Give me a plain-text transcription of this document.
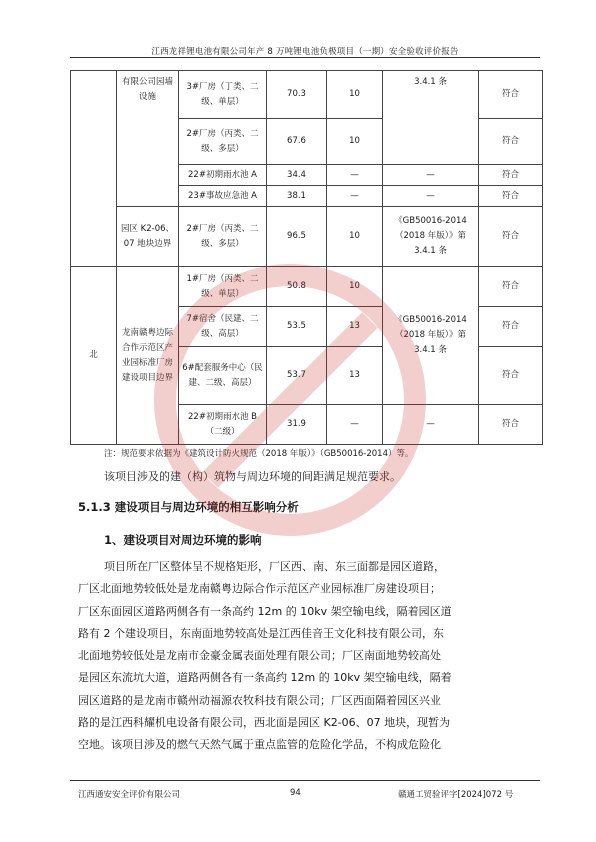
江西龙祥锂电池有限公司年产 8 万吨锂电池负极项目（一期）安全验收评价报告
	有限公司园墙设施	3#厂房（丁类、二级、单层）	70.3	10	3.4.1 条	符合
		2#厂房（丙类、二级、多层）	67.6	10		符合
		22#初期雨水池 A	34.4	—	—	符合
		23#事故应急池 A	38.1	—	—	符合
	园区 K2-06、07 地块边界	2#厂房（丙类、二级、多层）	96.5	10	《GB50016-2014（2018 年版）》第 3.4.1 条	符合
北	龙南赣粤边际合作示范区产业园标准厂房建设项目边界	1#厂房（丙类、二级、单层）	50.8	10	《GB50016-2014（2018 年版）》第 3.4.1 条	符合
		7#宿舍（民建、二级、高层）	53.5	13		符合
		6#配套服务中心（民建、二级、高层）	53.7	13		符合
		22#初期雨水池 B（二级）	31.9	—	—	符合
注：规范要求依据为《建筑设计防火规范（2018 年版）》（GB50016-2014）等。
该项目涉及的建（构）筑物与周边环境的间距满足规范要求。
5.1.3 建设项目与周边环境的相互影响分析
1、建设项目对周边环境的影响
项目所在厂区整体呈不规格矩形，厂区西、南、东三面都是园区道路，
厂区北面地势较低处是龙南赣粤边际合作示范区产业园标准厂房建设项目；
厂区东面园区道路两侧各有一条高约 12m 的 10kv 架空输电线，隔着园区道
路有 2 个建设项目，东南面地势较高处是江西佳音王文化科技有限公司，东
北面地势较低处是龙南市金豪金属表面处理有限公司；厂区南面地势较高处
是园区东流坑大道，道路两侧各有一条高约 12m 的 10kv 架空输电线，隔着
园区道路的是龙南市赣州动福源农牧科技有限公司；厂区西面隔着园区兴业
路的是江西科耀机电设备有限公司，西北面是园区 K2-06、07 地块，现暂为
空地。该项目涉及的燃气天然气属于重点监管的危险化学品，不构成危险化
江西通安安全评价有限公司	94	赣通工贸验评字[2024]072 号
